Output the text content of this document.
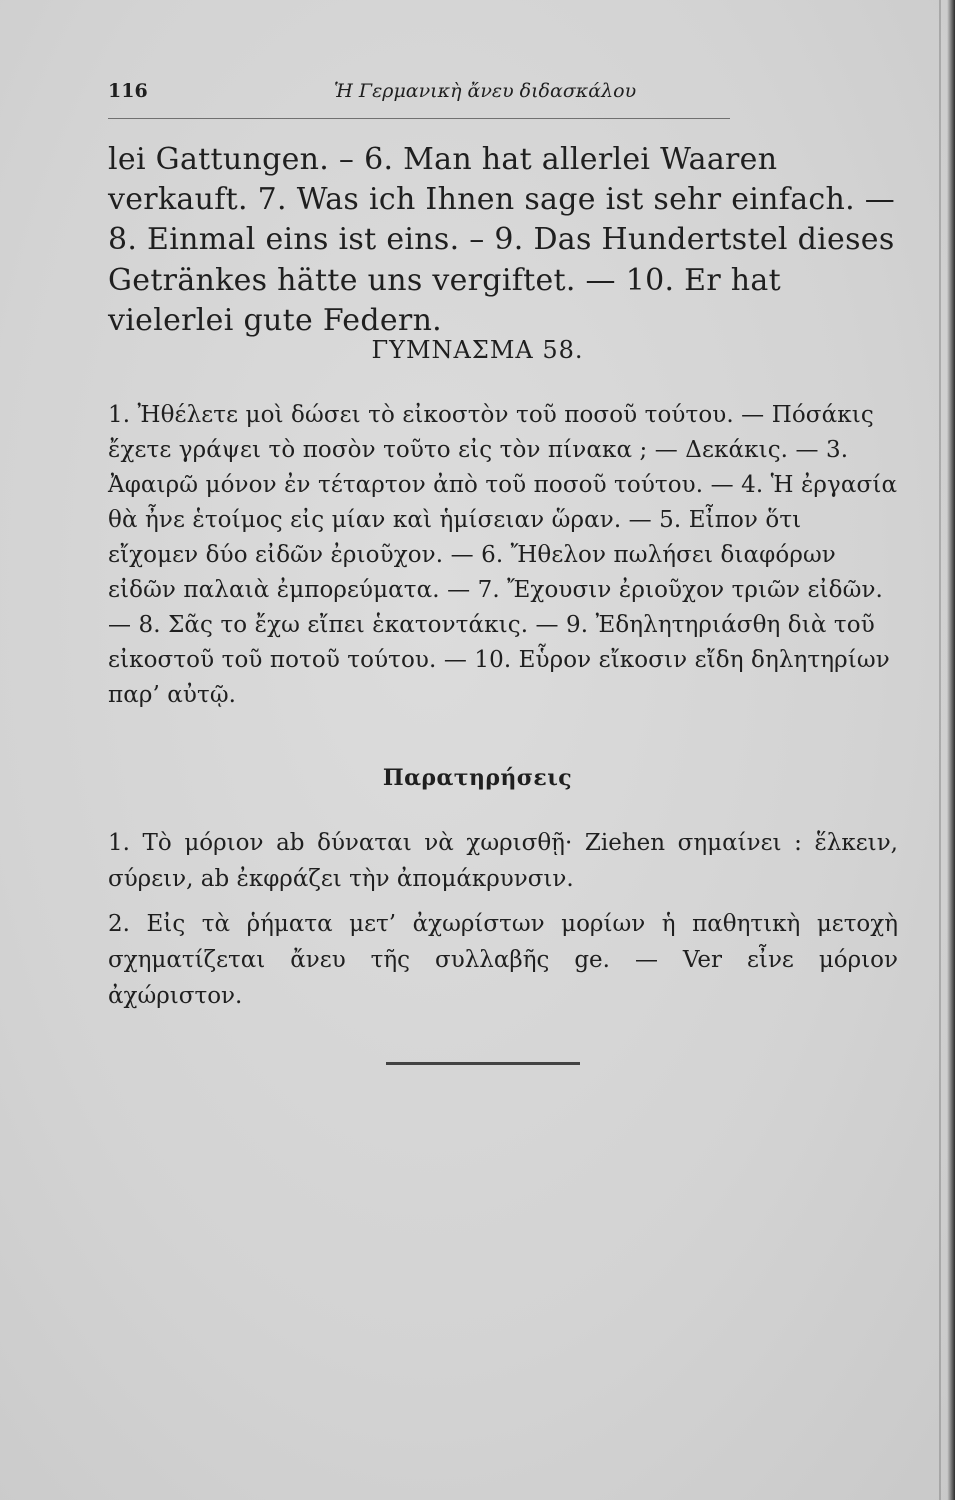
116	Ἡ Γερμανικὴ ἄνευ διδασκάλου
lei Gattungen. – 6. Man hat allerlei Waaren verkauft. 7. Was ich Ihnen sage ist sehr einfach. — 8. Einmal eins ist eins. – 9. Das Hundertstel dieses Getränkes hätte uns vergiftet. — 10. Er hat vielerlei gute Federn.
ΓΥΜΝΑΣΜΑ 58.
1. Ἠθέλετε μοὶ δώσει τὸ εἰκοστὸν τοῦ ποσοῦ τούτου. — Πόσάκις ἔχετε γράψει τὸ ποσὸν τοῦτο εἰς τὸν πίνακα ; — Δεκάκις. — 3. Ἀφαιρῶ μόνον ἐν τέταρτον ἀπὸ τοῦ ποσοῦ τούτου. — 4. Ἡ ἐργασία θὰ ἦνε ἑτοίμος εἰς μίαν καὶ ἡμίσειαν ὥραν. — 5. Εἶπον ὅτι εἴχομεν δύο εἰδῶν ἐριοῦχον. — 6. Ἤθελον πωλήσει διαφόρων εἰδῶν παλαιὰ ἐμπορεύματα. — 7. Ἔχουσιν ἐριοῦχον τριῶν εἰδῶν. — 8. Σᾶς το ἔχω εἴπει ἑκατοντάκις. — 9. Ἐδηλητηριάσθη διὰ τοῦ εἰκοστοῦ τοῦ ποτοῦ τούτου. — 10. Εὗρον εἴκοσιν εἴδη δηλητηρίων παρ’ αὐτῷ.
Παρατηρήσεις

1. Τὸ μόριον ab δύναται νὰ χωρισθῇ· Ziehen σημαίνει : ἕλκειν, σύρειν, ab ἐκφράζει τὴν ἀπομάκρυνσιν.

2. Εἰς τὰ ῥήματα μετ’ ἀχωρίστων μορίων ἡ παθητικὴ μετοχὴ σχηματίζεται ἄνευ τῆς συλλαβῆς ge. — Ver εἶνε μόριον ἀχώριστον.
